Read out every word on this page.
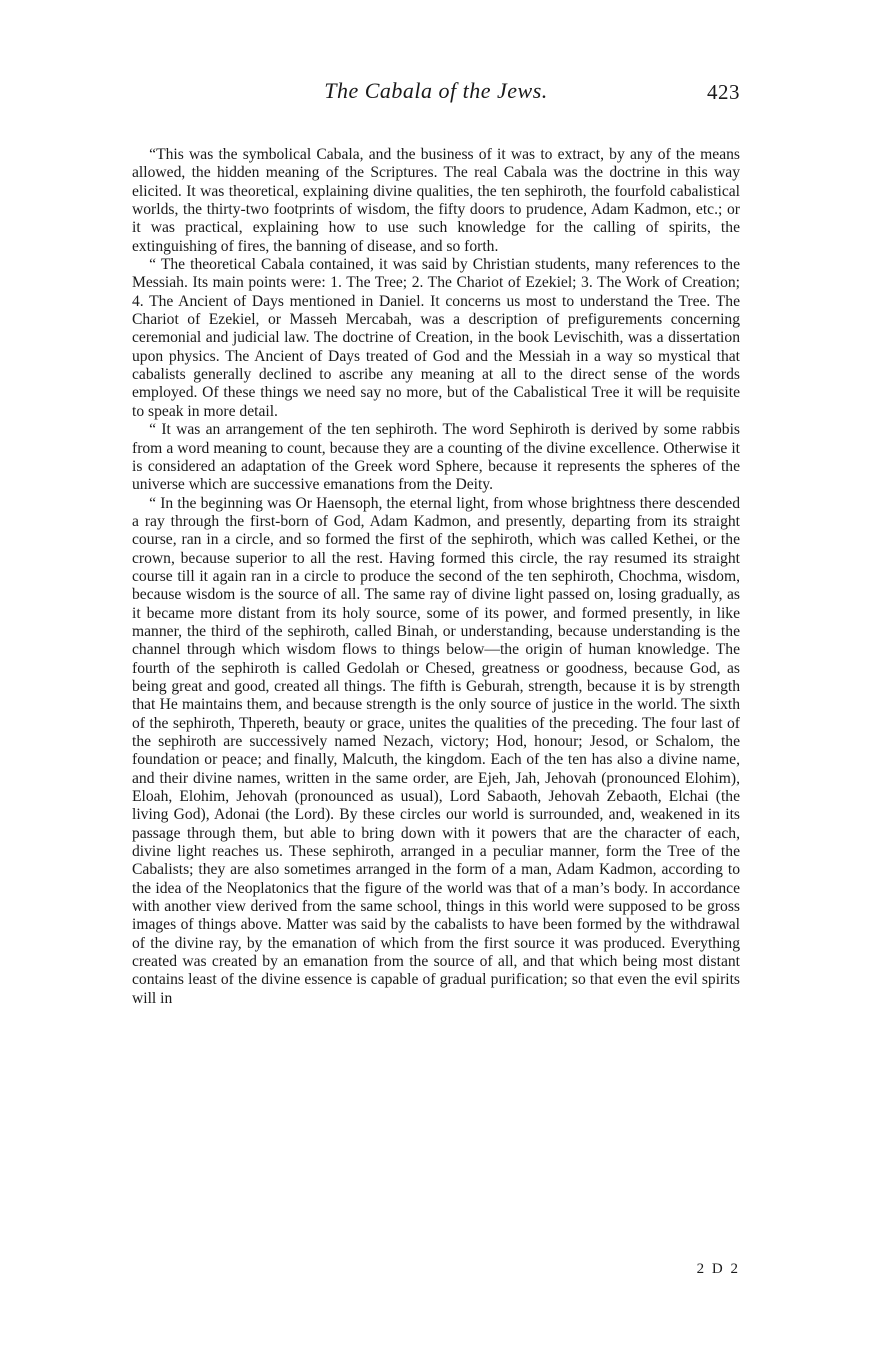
The Cabala of the Jews.	423

“This was the symbolical Cabala, and the business of it was to extract, by any of the means allowed, the hidden meaning of the Scriptures. The real Cabala was the doctrine in this way elicited. It was theoretical, explaining divine qualities, the ten sephiroth, the fourfold cabalistical worlds, the thirty-two footprints of wisdom, the fifty doors to prudence, Adam Kadmon, etc.; or it was practical, explaining how to use such knowledge for the calling of spirits, the extinguishing of fires, the banning of disease, and so forth.

“ The theoretical Cabala contained, it was said by Christian students, many references to the Messiah. Its main points were: 1. The Tree; 2. The Chariot of Ezekiel; 3. The Work of Creation; 4. The Ancient of Days mentioned in Daniel. It concerns us most to understand the Tree. The Chariot of Ezekiel, or Masseh Mercabah, was a description of prefigurements concerning ceremonial and judicial law. The doctrine of Creation, in the book Levischith, was a dissertation upon physics. The Ancient of Days treated of God and the Messiah in a way so mystical that cabalists generally declined to ascribe any meaning at all to the direct sense of the words employed. Of these things we need say no more, but of the Cabalistical Tree it will be requisite to speak in more detail.

“ It was an arrangement of the ten sephiroth. The word Sephiroth is derived by some rabbis from a word meaning to count, because they are a counting of the divine excellence. Otherwise it is considered an adaptation of the Greek word Sphere, because it represents the spheres of the universe which are successive emanations from the Deity.

“ In the beginning was Or Haensoph, the eternal light, from whose brightness there descended a ray through the first-born of God, Adam Kadmon, and presently, departing from its straight course, ran in a circle, and so formed the first of the sephiroth, which was called Kethei, or the crown, because superior to all the rest. Having formed this circle, the ray resumed its straight course till it again ran in a circle to produce the second of the ten sephiroth, Chochma, wisdom, because wisdom is the source of all. The same ray of divine light passed on, losing gradually, as it became more distant from its holy source, some of its power, and formed presently, in like manner, the third of the sephiroth, called Binah, or understanding, because understanding is the channel through which wisdom flows to things below—the origin of human knowledge. The fourth of the sephiroth is called Gedolah or Chesed, greatness or goodness, because God, as being great and good, created all things. The fifth is Geburah, strength, because it is by strength that He maintains them, and because strength is the only source of justice in the world. The sixth of the sephiroth, Thpereth, beauty or grace, unites the qualities of the preceding. The four last of the sephiroth are successively named Nezach, victory; Hod, honour; Jesod, or Schalom, the foundation or peace; and finally, Malcuth, the kingdom. Each of the ten has also a divine name, and their divine names, written in the same order, are Ejeh, Jah, Jehovah (pronounced Elohim), Eloah, Elohim, Jehovah (pronounced as usual), Lord Sabaoth, Jehovah Zebaoth, Elchai (the living God), Adonai (the Lord). By these circles our world is surrounded, and, weakened in its passage through them, but able to bring down with it powers that are the character of each, divine light reaches us. These sephiroth, arranged in a peculiar manner, form the Tree of the Cabalists; they are also sometimes arranged in the form of a man, Adam Kadmon, according to the idea of the Neoplatonics that the figure of the world was that of a man’s body. In accordance with another view derived from the same school, things in this world were supposed to be gross images of things above. Matter was said by the cabalists to have been formed by the withdrawal of the divine ray, by the emanation of which from the first source it was produced. Everything created was created by an emanation from the source of all, and that which being most distant contains least of the divine essence is capable of gradual purification; so that even the evil spirits will in

2 D 2
